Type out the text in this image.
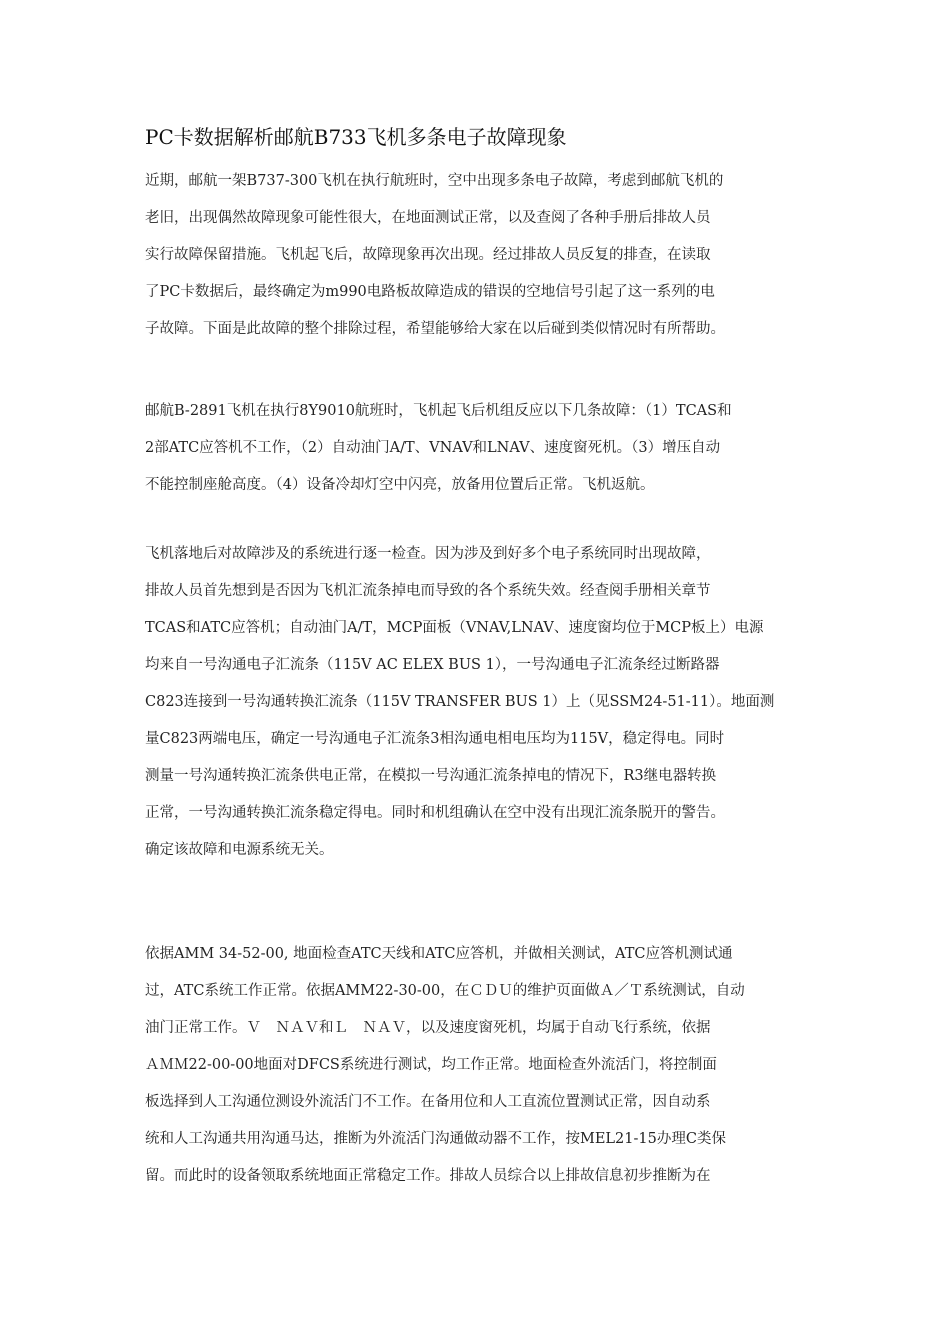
PC卡数据解析邮航B733飞机多条电子故障现象
近期，邮航一架B737-300飞机在执行航班时，空中出现多条电子故障，考虑到邮航飞机的
老旧，出现偶然故障现象可能性很大，在地面测试正常，以及查阅了各种手册后排故人员
实行故障保留措施。飞机起飞后，故障现象再次出现。经过排故人员反复的排查，在读取
了PC卡数据后，最终确定为m990电路板故障造成的错误的空地信号引起了这一系列的电
子故障。下面是此故障的整个排除过程，希望能够给大家在以后碰到类似情况时有所帮助。
邮航B-2891飞机在执行8Y9010航班时，飞机起飞后机组反应以下几条故障：（1）TCAS和
2部ATC应答机不工作，（2）自动油门A/T、VNAV和LNAV、速度窗死机。（3）增压自动
不能控制座舱高度。（4）设备冷却灯空中闪亮，放备用位置后正常。飞机返航。
飞机落地后对故障涉及的系统进行逐一检查。因为涉及到好多个电子系统同时出现故障，
排故人员首先想到是否因为飞机汇流条掉电而导致的各个系统失效。经查阅手册相关章节
TCAS和ATC应答机；自动油门A/T，MCP面板（VNAV,LNAV、速度窗均位于MCP板上）电源
均来自一号沟通电子汇流条（115V AC ELEX BUS 1），一号沟通电子汇流条经过断路器
C823连接到一号沟通转换汇流条（115V TRANSFER BUS 1）上（见SSM24-51-11）。地面测
量C823两端电压，确定一号沟通电子汇流条3相沟通电相电压均为115V，稳定得电。同时
测量一号沟通转换汇流条供电正常，在模拟一号沟通汇流条掉电的情况下，R3继电器转换
正常，一号沟通转换汇流条稳定得电。同时和机组确认在空中没有出现汇流条脱开的警告。
确定该故障和电源系统无关。
依据AMM 34-52-00, 地面检查ATC天线和ATC应答机，并做相关测试，ATC应答机测试通
过，ATC系统工作正常。依据AMM22-30-00，在ＣＤＵ的维护页面做Ａ／Ｔ系统测试，自动
油门正常工作。Ｖ　ＮＡＶ和Ｌ　ＮＡＶ，以及速度窗死机，均属于自动飞行系统，依据
ＡＭＭ22-00-00地面对DFCS系统进行测试，均工作正常。地面检查外流活门，将控制面
板选择到人工沟通位测设外流活门不工作。在备用位和人工直流位置测试正常，因自动系
统和人工沟通共用沟通马达，推断为外流活门沟通做动器不工作，按MEL21-15办理C类保
留。而此时的设备领取系统地面正常稳定工作。排故人员综合以上排故信息初步推断为在
